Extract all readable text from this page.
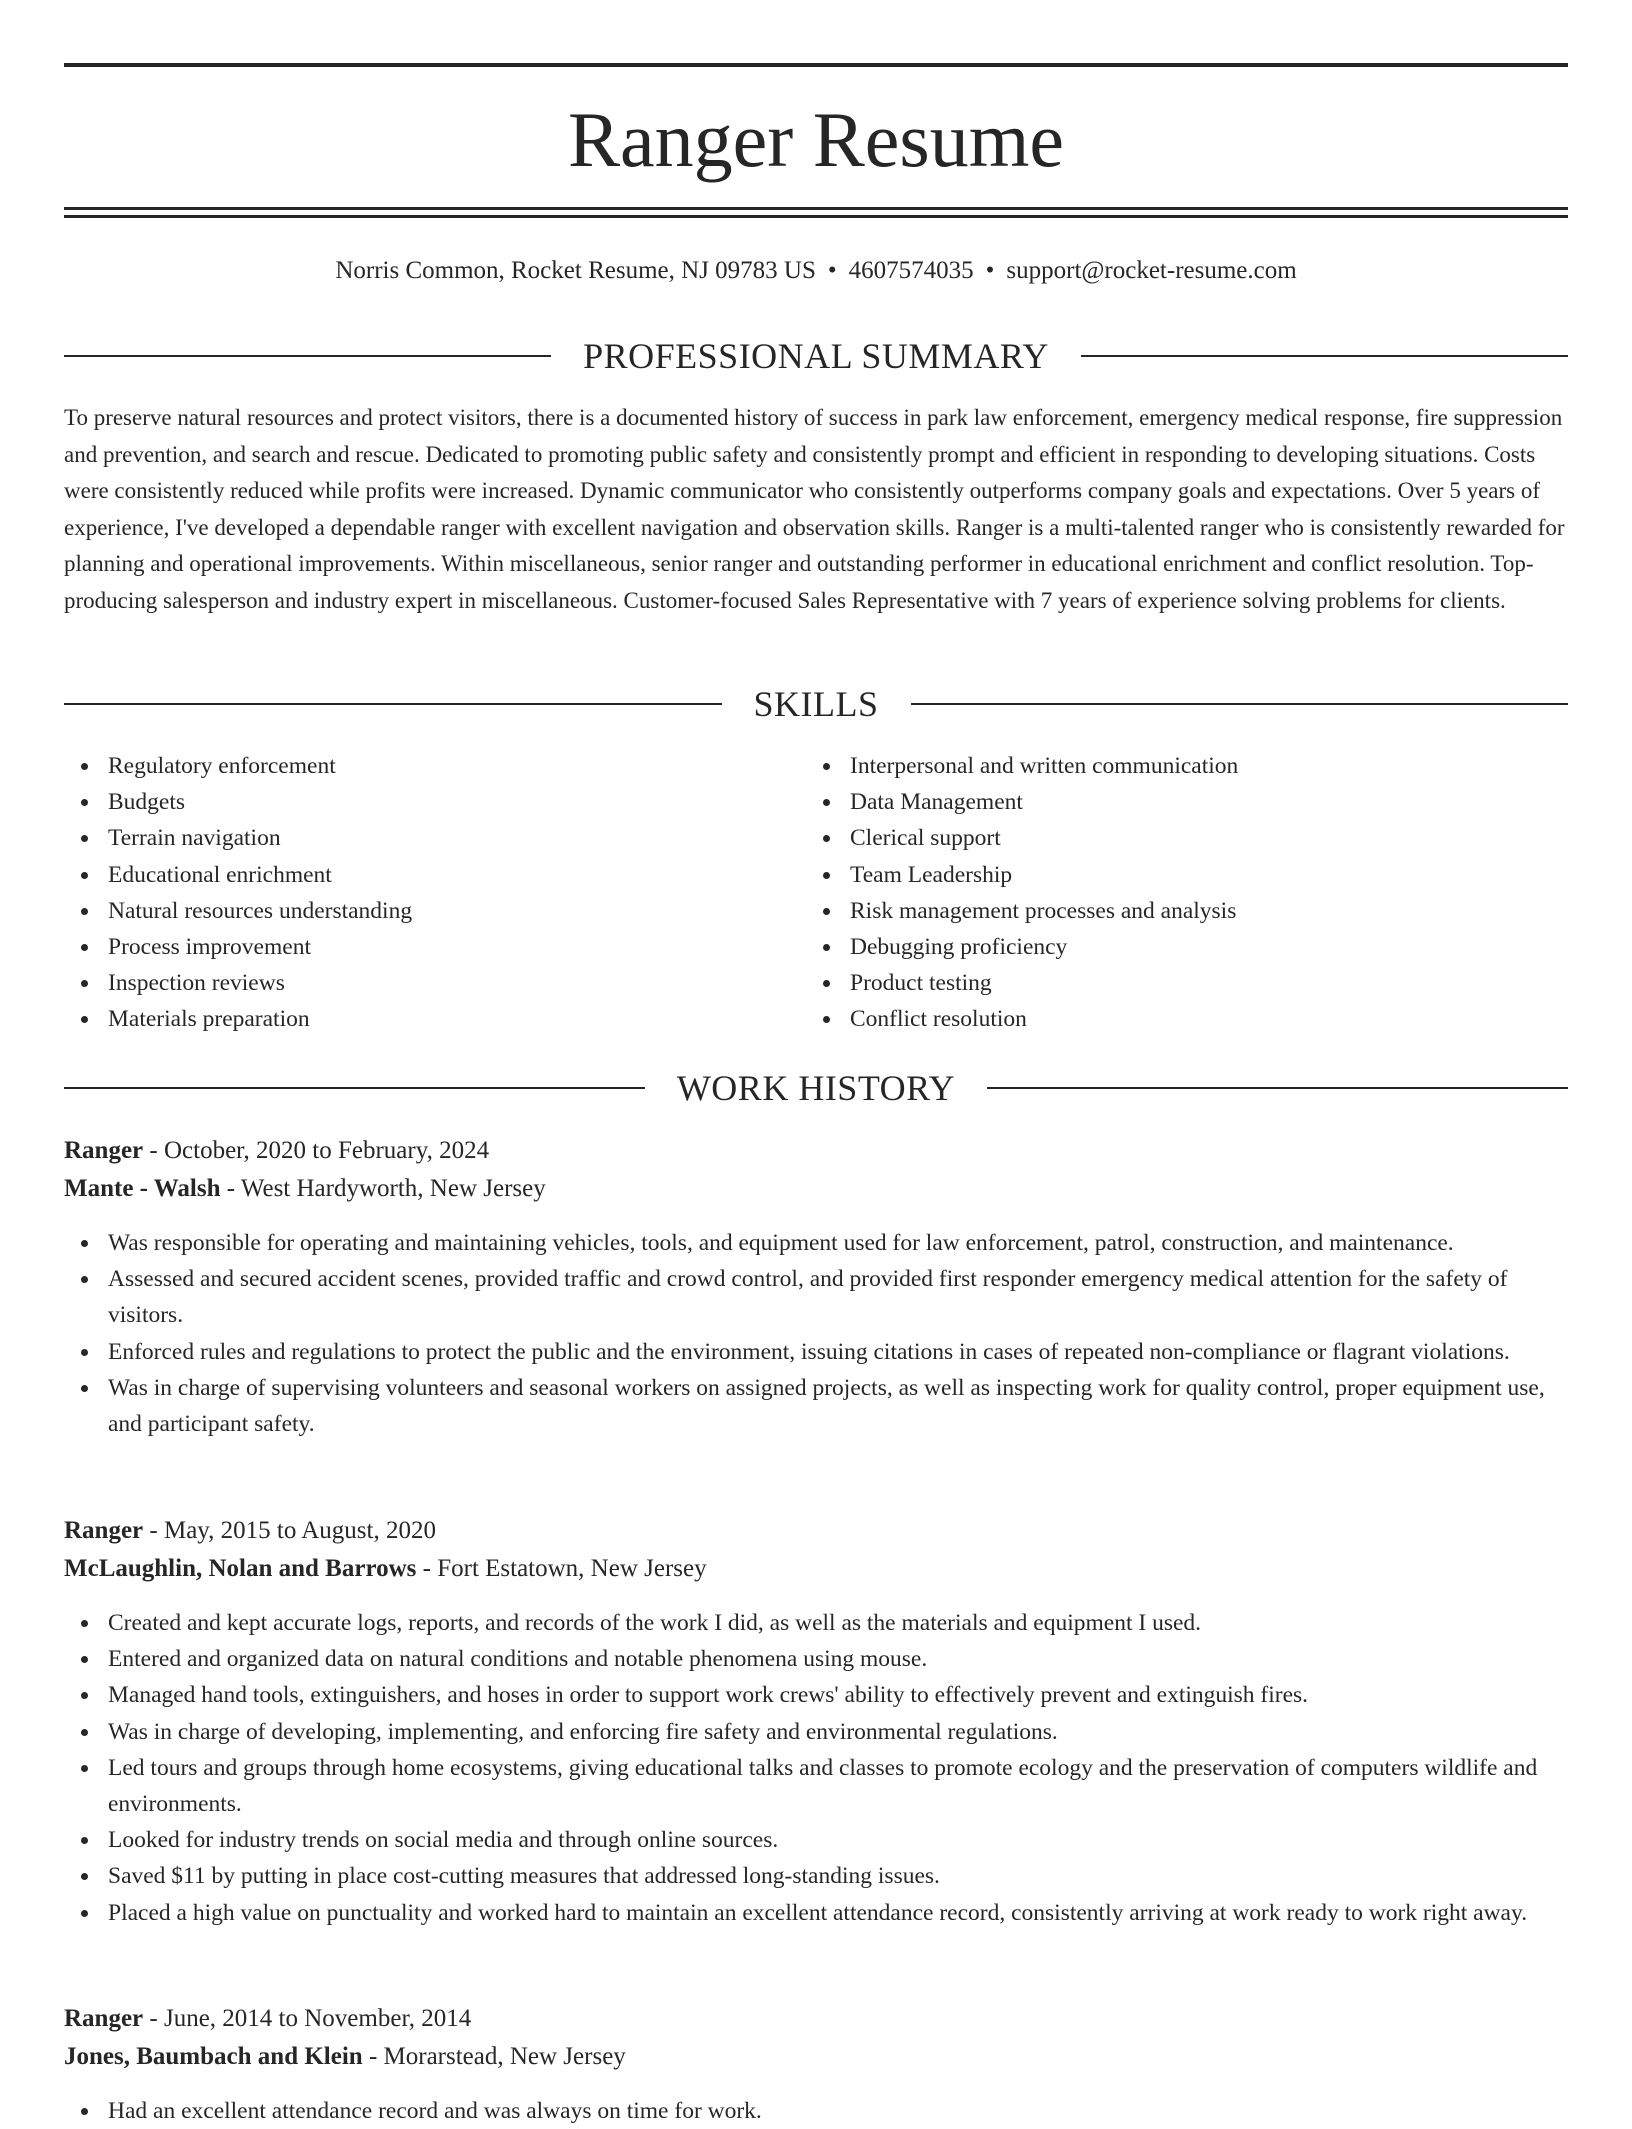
Ranger Resume
Norris Common, Rocket Resume, NJ 09783 US • 4607574035 • support@rocket-resume.com
PROFESSIONAL SUMMARY

To preserve natural resources and protect visitors, there is a documented history of success in park law enforcement, emergency medical response, fire suppression and prevention, and search and rescue. Dedicated to promoting public safety and consistently prompt and efficient in responding to developing situations. Costs were consistently reduced while profits were increased. Dynamic communicator who consistently outperforms company goals and expectations. Over 5 years of experience, I've developed a dependable ranger with excellent navigation and observation skills. Ranger is a multi-talented ranger who is consistently rewarded for planning and operational improvements. Within miscellaneous, senior ranger and outstanding performer in educational enrichment and conflict resolution. Top-producing salesperson and industry expert in miscellaneous. Customer-focused Sales Representative with 7 years of experience solving problems for clients.

SKILLS
Regulatory enforcement
Budgets
Terrain navigation
Educational enrichment
Natural resources understanding
Process improvement
Inspection reviews
Materials preparation
Interpersonal and written communication
Data Management
Clerical support
Team Leadership
Risk management processes and analysis
Debugging proficiency
Product testing
Conflict resolution
WORK HISTORY
Ranger - October, 2020 to February, 2024
Mante - Walsh - West Hardyworth, New Jersey
Was responsible for operating and maintaining vehicles, tools, and equipment used for law enforcement, patrol, construction, and maintenance.
Assessed and secured accident scenes, provided traffic and crowd control, and provided first responder emergency medical attention for the safety of visitors.
Enforced rules and regulations to protect the public and the environment, issuing citations in cases of repeated non-compliance or flagrant violations.
Was in charge of supervising volunteers and seasonal workers on assigned projects, as well as inspecting work for quality control, proper equipment use, and participant safety.
Ranger - May, 2015 to August, 2020
McLaughlin, Nolan and Barrows - Fort Estatown, New Jersey
Created and kept accurate logs, reports, and records of the work I did, as well as the materials and equipment I used.
Entered and organized data on natural conditions and notable phenomena using mouse.
Managed hand tools, extinguishers, and hoses in order to support work crews' ability to effectively prevent and extinguish fires.
Was in charge of developing, implementing, and enforcing fire safety and environmental regulations.
Led tours and groups through home ecosystems, giving educational talks and classes to promote ecology and the preservation of computers wildlife and environments.
Looked for industry trends on social media and through online sources.
Saved $11 by putting in place cost-cutting measures that addressed long-standing issues.
Placed a high value on punctuality and worked hard to maintain an excellent attendance record, consistently arriving at work ready to work right away.
Ranger - June, 2014 to November, 2014
Jones, Baumbach and Klein - Morarstead, New Jersey
Had an excellent attendance record and was always on time for work.
